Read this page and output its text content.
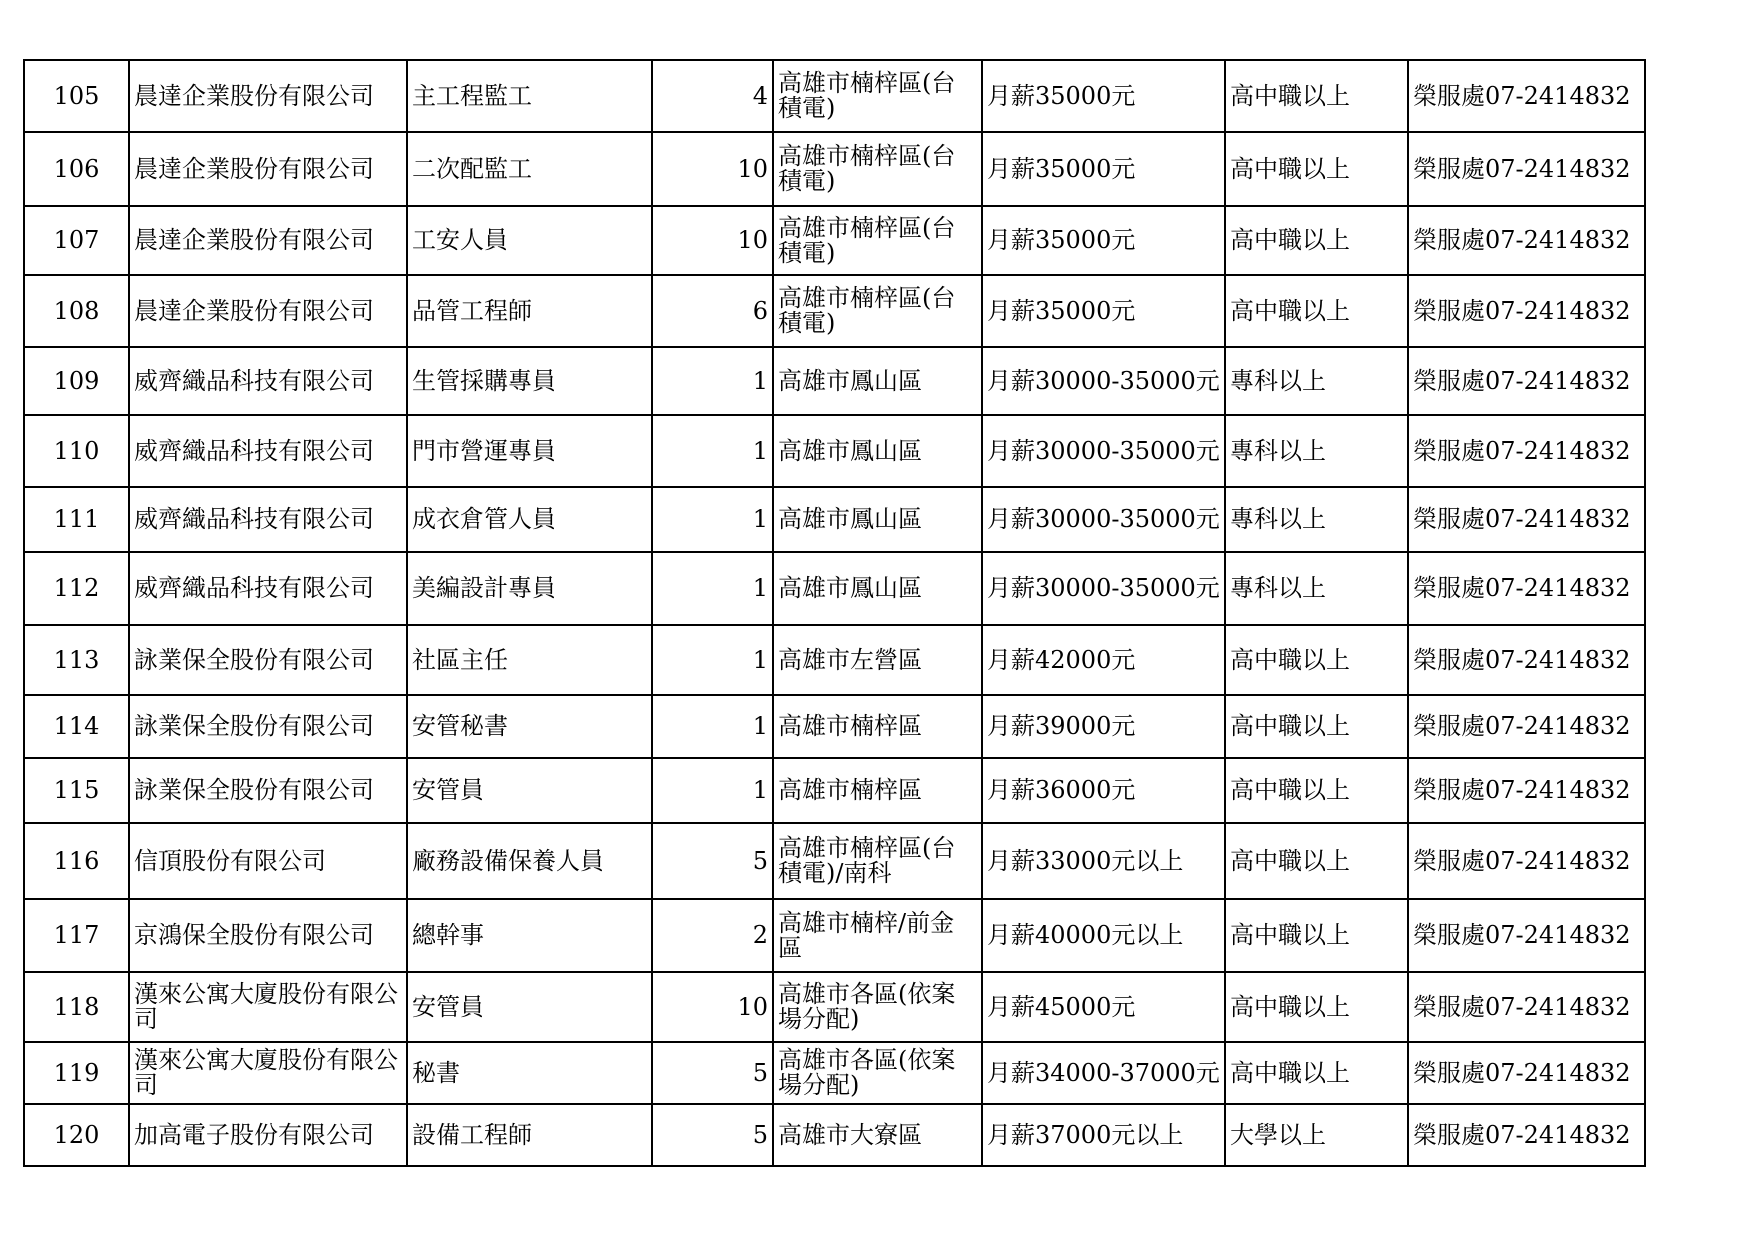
105	晨達企業股份有限公司	主工程監工	4	高雄市楠梓區(台積電)	月薪35000元	高中職以上	榮服處07-2414832
106	晨達企業股份有限公司	二次配監工	10	高雄市楠梓區(台積電)	月薪35000元	高中職以上	榮服處07-2414832
107	晨達企業股份有限公司	工安人員	10	高雄市楠梓區(台積電)	月薪35000元	高中職以上	榮服處07-2414832
108	晨達企業股份有限公司	品管工程師	6	高雄市楠梓區(台積電)	月薪35000元	高中職以上	榮服處07-2414832
109	威齊織品科技有限公司	生管採購專員	1	高雄市鳳山區	月薪30000-35000元	專科以上	榮服處07-2414832
110	威齊織品科技有限公司	門市營運專員	1	高雄市鳳山區	月薪30000-35000元	專科以上	榮服處07-2414832
111	威齊織品科技有限公司	成衣倉管人員	1	高雄市鳳山區	月薪30000-35000元	專科以上	榮服處07-2414832
112	威齊織品科技有限公司	美編設計專員	1	高雄市鳳山區	月薪30000-35000元	專科以上	榮服處07-2414832
113	詠業保全股份有限公司	社區主任	1	高雄市左營區	月薪42000元	高中職以上	榮服處07-2414832
114	詠業保全股份有限公司	安管秘書	1	高雄市楠梓區	月薪39000元	高中職以上	榮服處07-2414832
115	詠業保全股份有限公司	安管員	1	高雄市楠梓區	月薪36000元	高中職以上	榮服處07-2414832
116	信頂股份有限公司	廠務設備保養人員	5	高雄市楠梓區(台積電)/南科	月薪33000元以上	高中職以上	榮服處07-2414832
117	京鴻保全股份有限公司	總幹事	2	高雄市楠梓/前金區	月薪40000元以上	高中職以上	榮服處07-2414832
118	漢來公寓大廈股份有限公司	安管員	10	高雄市各區(依案場分配)	月薪45000元	高中職以上	榮服處07-2414832
119	漢來公寓大廈股份有限公司	秘書	5	高雄市各區(依案場分配)	月薪34000-37000元	高中職以上	榮服處07-2414832
120	加高電子股份有限公司	設備工程師	5	高雄市大寮區	月薪37000元以上	大學以上	榮服處07-2414832
